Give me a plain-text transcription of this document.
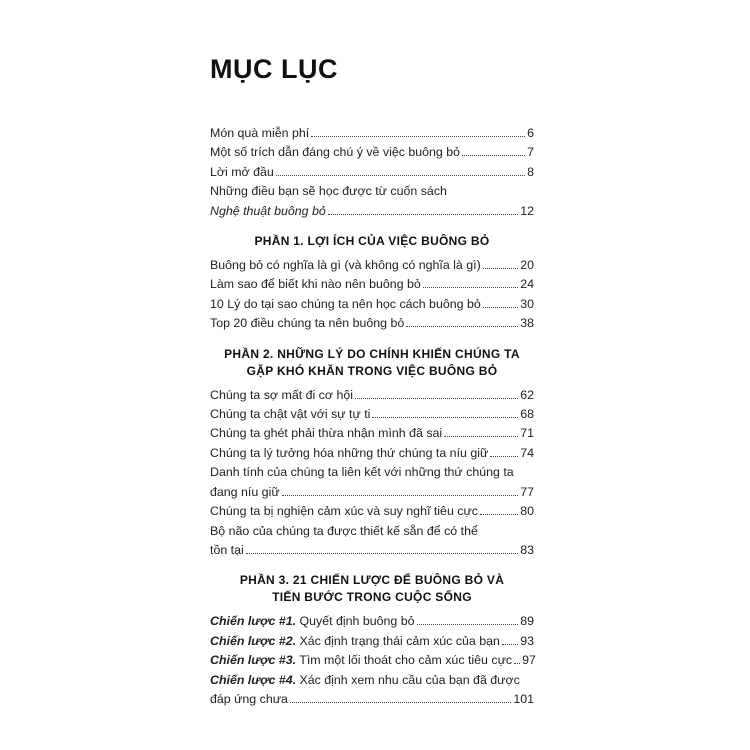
MỤC LỤC
Món quà miễn phí	6
Một số trích dẫn đáng chú ý về việc buông bỏ	7
Lời mở đầu	8
Những điều bạn sẽ học được từ cuốn sách
Nghệ thuật buông bỏ	12
PHẦN 1. LỢI ÍCH CỦA VIỆC BUÔNG BỎ
Buông bỏ có nghĩa là gì (và không có nghĩa là gì)	20
Làm sao để biết khi nào nên buông bỏ	24
10 Lý do tại sao chúng ta nên học cách buông bỏ	30
Top 20 điều chúng ta nên buông bỏ	38
PHẦN 2. NHỮNG LÝ DO CHÍNH KHIẾN CHÚNG TA
GẶP KHÓ KHĂN TRONG VIỆC BUÔNG BỎ
Chúng ta sợ mất đi cơ hội	62
Chúng ta chật vật với sự tự ti	68
Chúng ta ghét phải thừa nhận mình đã sai	71
Chúng ta lý tưởng hóa những thứ chúng ta níu giữ	74
Danh tính của chúng ta liên kết với những thứ chúng ta
đang níu giữ	77
Chúng ta bị nghiện cảm xúc và suy nghĩ tiêu cực	80
Bộ não của chúng ta được thiết kế sẵn để có thể
tồn tại	83
PHẦN 3. 21 CHIẾN LƯỢC ĐỂ BUÔNG BỎ VÀ
TIẾN BƯỚC TRONG CUỘC SỐNG
Chiến lược #1. Quyết định buông bỏ	89
Chiến lược #2. Xác định trạng thái cảm xúc của bạn 93
Chiến lược #3. Tìm một lối thoát cho cảm xúc tiêu cực 97
Chiến lược #4. Xác định xem nhu cầu của bạn đã được
đáp ứng chưa	101
